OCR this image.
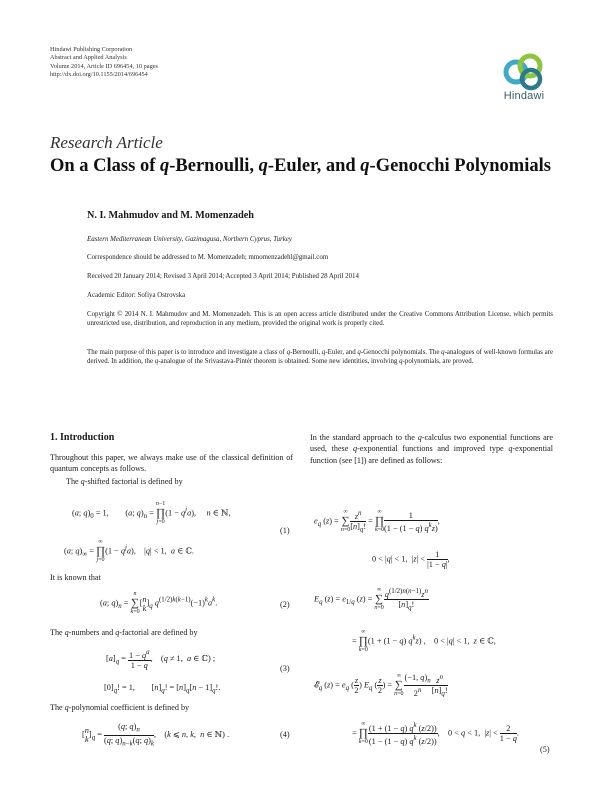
Hindawi Publishing Corporation
Abstract and Applied Analysis
Volume 2014, Article ID 696454, 10 pages
http://dx.doi.org/10.1155/2014/696454
Hindawi
Research Article
On a Class of q-Bernoulli, q-Euler, and q-Genocchi Polynomials
N. I. Mahmudov and M. Momenzadeh
Eastern Mediterranean University, Gazimagusa, Northern Cyprus, Turkey
Correspondence should be addressed to M. Momenzadeh; mmomenzadehl@gmail.com
Received 20 January 2014; Revised 3 April 2014; Accepted 3 April 2014; Published 28 April 2014
Academic Editor: Sofiya Ostrovska
Copyright © 2014 N. I. Mahmudov and M. Momenzadeh. This is an open access article distributed under the Creative Commons Attribution License, which permits unrestricted use, distribution, and reproduction in any medium, provided the original work is properly cited.
The main purpose of this paper is to introduce and investigate a class of q-Bernoulli, q-Euler, and q-Genocchi polynomials. The q-analogues of well-known formulas are derived. In addition, the q-analogue of the Srivastava-Pintér theorem is obtained. Some new identities, involving q-polynomials, are proved.
1. Introduction
Throughout this paper, we always make use of the classical definition of quantum concepts as follows.
The q-shifted factorial is defined by
(a; $q)_0 = 1$,        (a; $q)_n$ =
n−1
∏
j=0
$(1 - q^ja)$,     n ∈ ℕ,
(a; $q)_\infty$ =
∞
∏
j=0
$(1 - q^ja)$,    |q| < 1,  a ∈ ℂ.
(1)
It is known that
(a; $q)_n$ =
n
∑
k=0
[ n
k
]$_q$ $q^{(1/2)k(k-1)}(-1)^ka^k$.	(2)
The q-numbers and q-factorial are defined by
$[a]_q = \frac{1 - q^a}{1 - q}$ ,    (q ≠ 1,  a ∈ ℂ) ;
$[0]_q$! = 1,        $[n]_q$! = $[n]_q[n - 1]_q$!.
(3)
The q-polynomial coefficient is defined by
[ n
k
]$_q = \frac{(q; q)_n}{(q; q)_{n-k}(q; q)_k}$ ,    (k ⩽ n, k,  n ∈ ℕ) .	(4)
In the standard approach to the q-calculus two exponential functions are used, these q-exponential functions and improved type q-exponential function (see [1]) are defined as follows:
$e_q$ (z) =
∞
∑
$n=0 \frac{z^n}{[n]_q!}$ =
∞
∏
$k=0 \frac{1}{(1 - (1 - q) q^kz)}$ ,
0 < |q| < 1,  $|z| < \frac{1}{|1 - q|}$ ,
$E_q$ $(z) = e_{1/q}$ (z) =
∞
∑
$n=0 \frac{q^{(1/2)n(n-1)}z^n}{[n]_q!}$
=
∞
∏
k=0
(1 + (1 − q) $q^kz$) ,    0 < |q| < 1,  z ∈ ℂ,
𝓔$_q$ $(z) = e_q$ ( $\frac{z}{2}$ ) $E_q$ ( $\frac{z}{2}$ ) =
∞
∑
$n=0 \frac{(-1, q)_n}{2^n} \frac{z^n}{[n]_q!}$
=
∞
∏
$k=0 \frac{(1 + (1 - q) q^k (z/2))}{(1 - (1 - q) q^k (z/2))}$ ,    0 < q < 1,  $|z| < \frac{2}{1 - q}$ .
(5)
